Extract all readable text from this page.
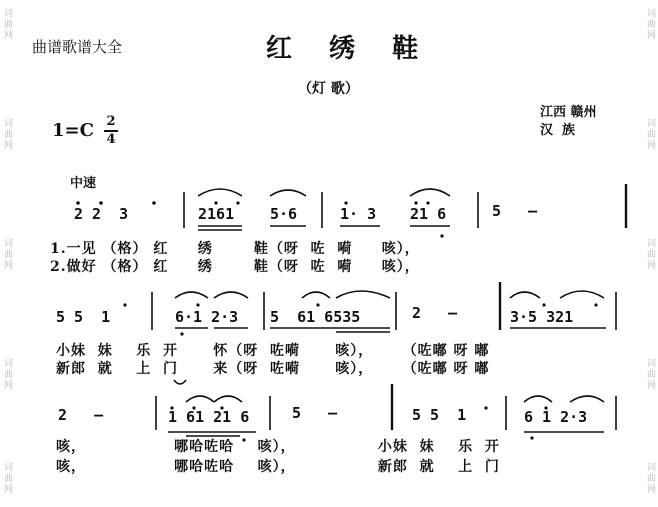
词曲网
词曲网
词曲网
词曲网
词曲网
词曲网
词曲网
词曲网
词曲网
词曲网
曲谱歌谱大全	红 绣 鞋
（灯 歌）
江西 赣州
汉  族
1=C 2
4
中速
2 2  3	2161 5·6	1· 3 21 6	5   —
1.一见 （格） 红     绣       鞋（呀  咗  嗬     咳），
2.做好 （格） 红     绣       鞋（呀  咗  嗬     咳），
5 5  1	6·1 2·3 5  61 6535	2   —	3·5 321
小妹  妹    乐  开      怀（呀  咗嗬      咳），     （咗嘟 呀 嘟
新郎  就    上  门      来（呀  咗嗬      咳），     （咗嘟 呀 嘟
2   —	1 61 21 6	5   —	5 5  1	6 1 2·3
咳，               哪哈咗哈    咳），              小妹  妹    乐  开
咳，               哪哈咗哈    咳），              新郎  就    上  门
